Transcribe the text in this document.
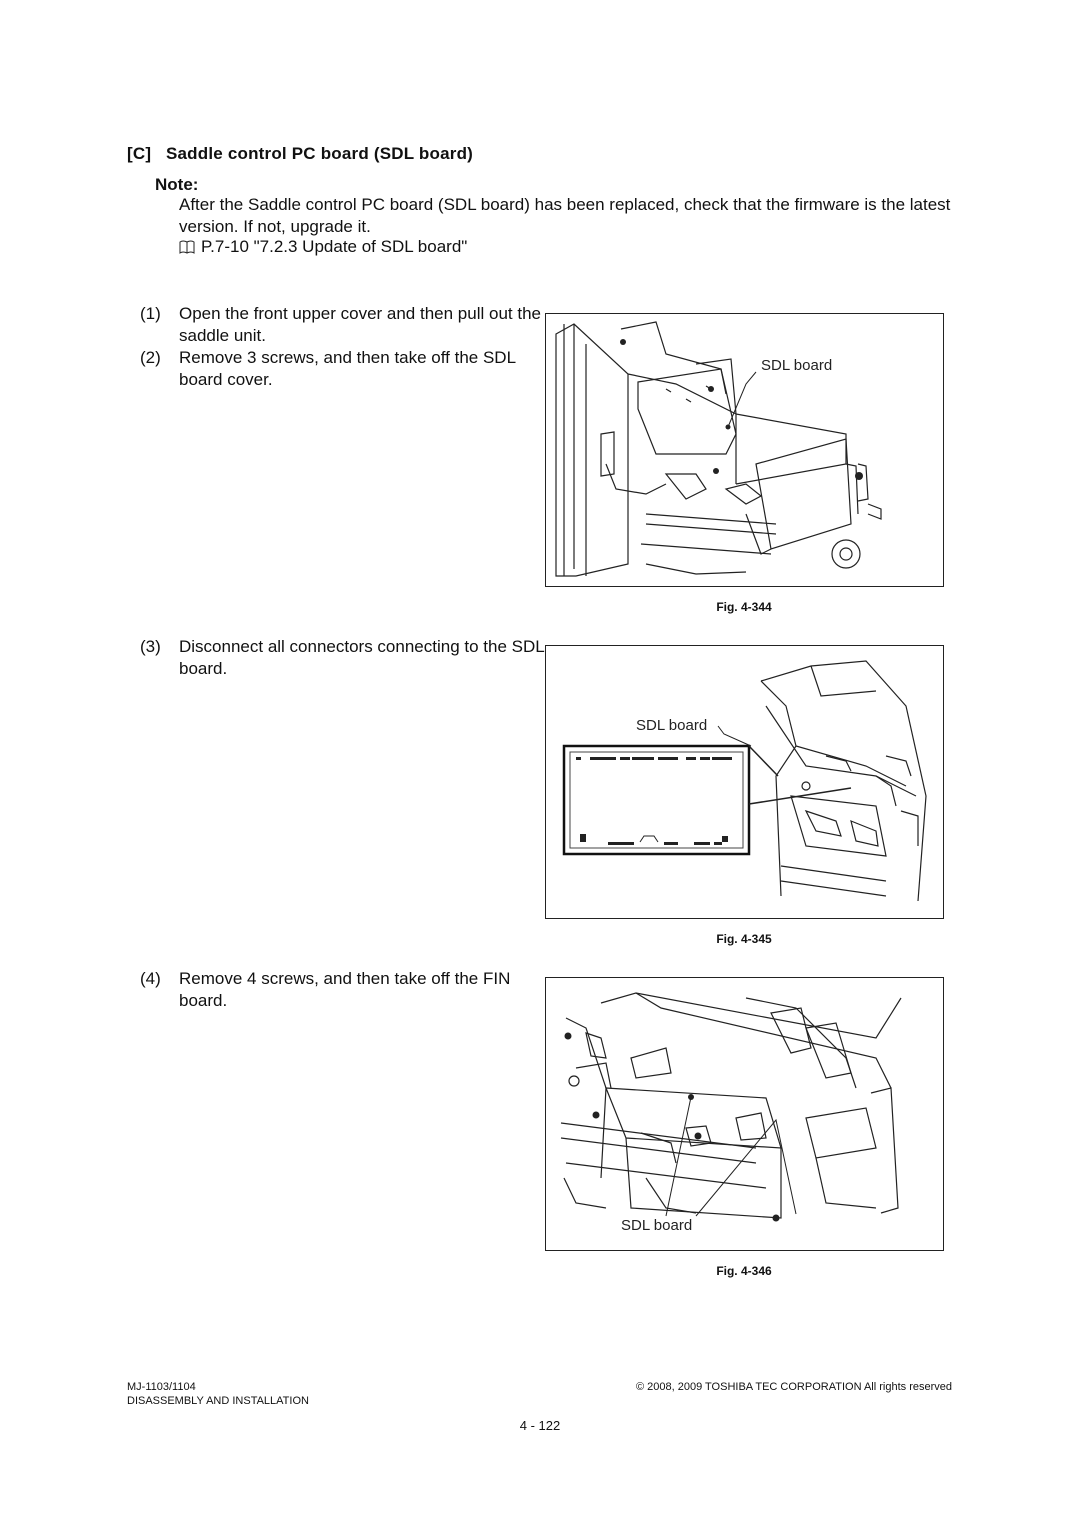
[C]   Saddle control PC board (SDL board)
Note:
After the Saddle control PC board (SDL board) has been replaced, check that the firmware is the latest version. If not, upgrade it.
P.7-10 "7.2.3 Update of SDL board"
(1) Open the front upper cover and then pull out the saddle unit.
(2) Remove 3 screws, and then take off the SDL board cover.
(3) Disconnect all connectors connecting to the SDL board.
(4) Remove 4 screws, and then take off the FIN board.
SDL board
Fig. 4-344
SDL board
Fig. 4-345
SDL board
Fig. 4-346
MJ-1103/1104
DISASSEMBLY AND INSTALLATION
© 2008, 2009 TOSHIBA TEC CORPORATION All rights reserved
4 - 122
